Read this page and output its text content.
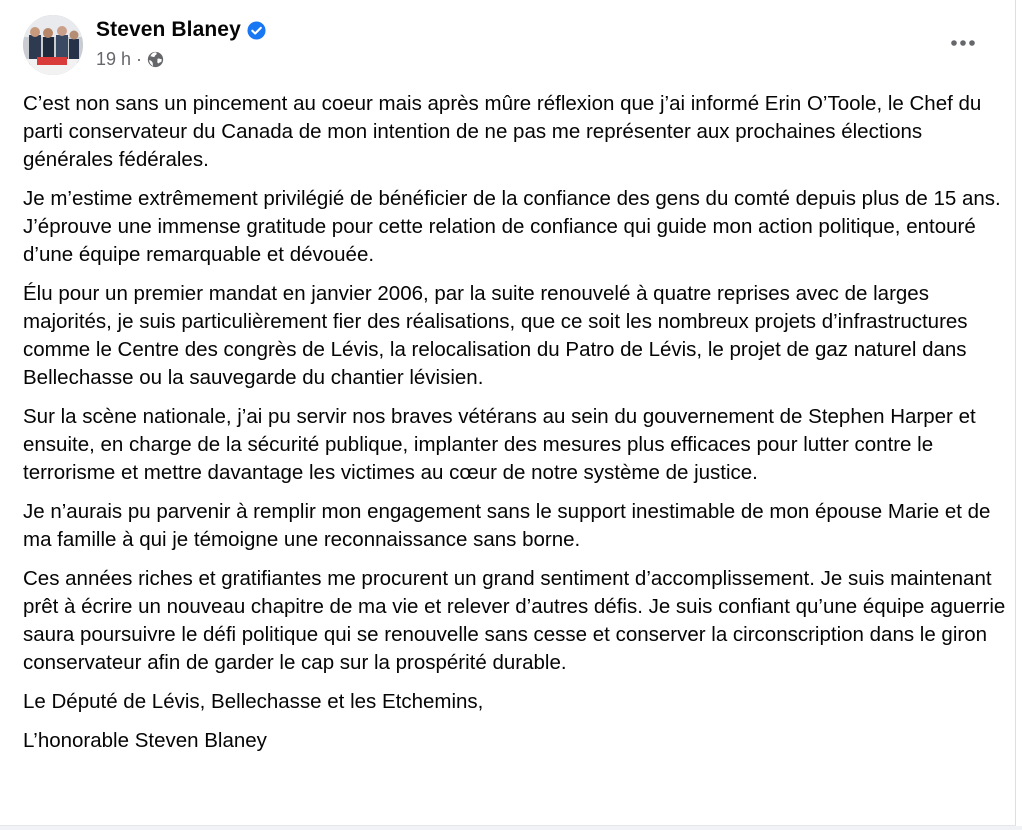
Steven Blaney
19 h ·

C’est non sans un pincement au coeur mais après mûre réflexion que j’ai informé Erin O’Toole, le Chef du parti conservateur du Canada de mon intention de ne pas me représenter aux prochaines élections générales fédérales.

Je m’estime extrêmement privilégié de bénéficier de la confiance des gens du comté depuis plus de 15 ans. J’éprouve une immense gratitude pour cette relation de confiance qui guide mon action politique, entouré d’une équipe remarquable et dévouée.

Élu pour un premier mandat en janvier 2006, par la suite renouvelé à quatre reprises avec de larges majorités, je suis particulièrement fier des réalisations, que ce soit les nombreux projets d’infrastructures comme le Centre des congrès de Lévis, la relocalisation du Patro de Lévis, le projet de gaz naturel dans Bellechasse ou la sauvegarde du chantier lévisien.

Sur la scène nationale, j’ai pu servir nos braves vétérans au sein du gouvernement de Stephen Harper et ensuite, en charge de la sécurité publique, implanter des mesures plus efficaces pour lutter contre le terrorisme et mettre davantage les victimes au cœur de notre système de justice.

Je n’aurais pu parvenir à remplir mon engagement sans le support inestimable de mon épouse Marie et de ma famille à qui je témoigne une reconnaissance sans borne.

Ces années riches et gratifiantes me procurent un grand sentiment d’accomplissement. Je suis maintenant prêt à écrire un nouveau chapitre de ma vie et relever d’autres défis. Je suis confiant qu’une équipe aguerrie saura poursuivre le défi politique qui se renouvelle sans cesse et conserver la circonscription dans le giron conservateur afin de garder le cap sur la prospérité durable.

Le Député de Lévis, Bellechasse et les Etchemins,

L’honorable Steven Blaney
